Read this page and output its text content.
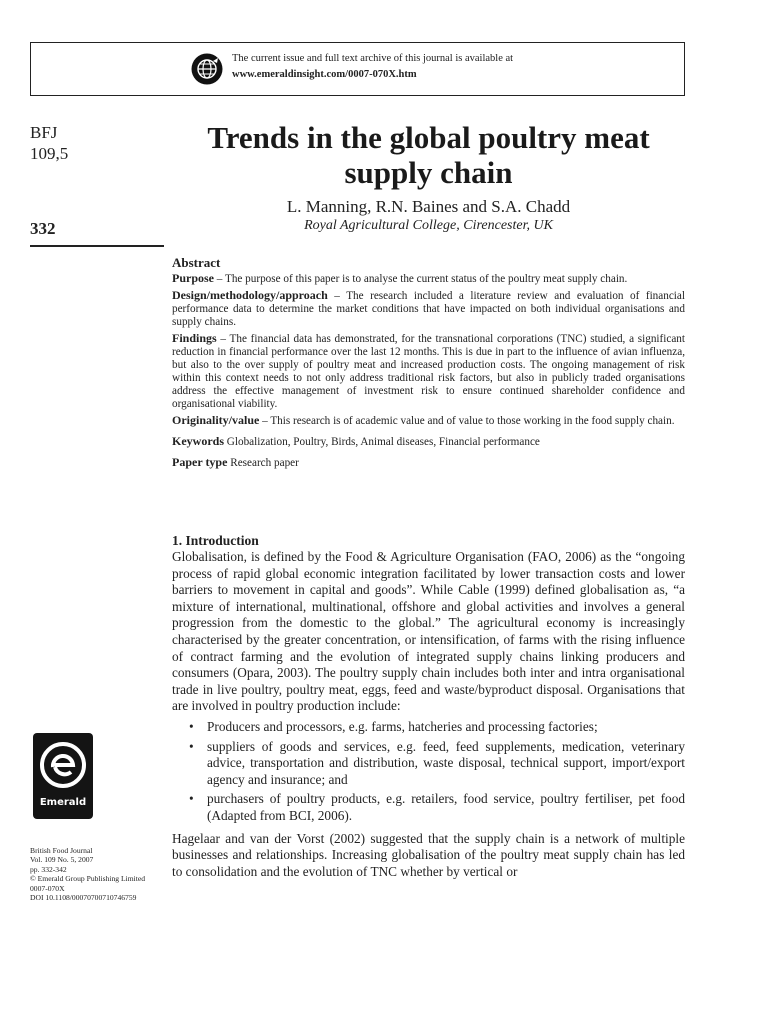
The current issue and full text archive of this journal is available at
www.emeraldinsight.com/0007-070X.htm
BFJ
109,5
332
Trends in the global poultry meat supply chain
L. Manning, R.N. Baines and S.A. Chadd
Royal Agricultural College, Cirencester, UK
Abstract

Purpose – The purpose of this paper is to analyse the current status of the poultry meat supply chain.

Design/methodology/approach – The research included a literature review and evaluation of financial performance data to determine the market conditions that have impacted on both individual organisations and supply chains.

Findings – The financial data has demonstrated, for the transnational corporations (TNC) studied, a significant reduction in financial performance over the last 12 months. This is due in part to the influence of avian influenza, but also to the over supply of poultry meat and increased production costs. The ongoing management of risk within this context needs to not only address traditional risk factors, but also in publicly traded organisations address the effective management of investment risk to ensure continued shareholder confidence and organisational viability.

Originality/value – This research is of academic value and of value to those working in the food supply chain.

Keywords Globalization, Poultry, Birds, Animal diseases, Financial performance

Paper type Research paper

1. Introduction

Globalisation, is defined by the Food & Agriculture Organisation (FAO, 2006) as the “ongoing process of rapid global economic integration facilitated by lower transaction costs and lower barriers to movement in capital and goods”. While Cable (1999) defined globalisation as, “a mixture of international, multinational, offshore and global activities and involves a general progression from the domestic to the global.” The agricultural economy is increasingly characterised by the greater concentration, or intensification, of farms with the rising influence of contract farming and the evolution of integrated supply chains linking producers and consumers (Opara, 2003). The poultry supply chain includes both inter and intra organisational trade in live poultry, poultry meat, eggs, feed and waste/byproduct disposal. Organisations that are involved in poultry production include:

• Producers and processors, e.g. farms, hatcheries and processing factories;
• suppliers of goods and services, e.g. feed, feed supplements, medication, veterinary advice, transportation and distribution, waste disposal, technical support, import/export agency and insurance; and
• purchasers of poultry products, e.g. retailers, food service, poultry fertiliser, pet food (Adapted from BCI, 2006).

Hagelaar and van der Vorst (2002) suggested that the supply chain is a network of multiple businesses and relationships. Increasing globalisation of the poultry meat supply chain has led to consolidation and the evolution of TNC whether by vertical or

Emerald
British Food Journal
Vol. 109 No. 5, 2007
pp. 332-342
© Emerald Group Publishing Limited
0007-070X
DOI 10.1108/00070700710746759
